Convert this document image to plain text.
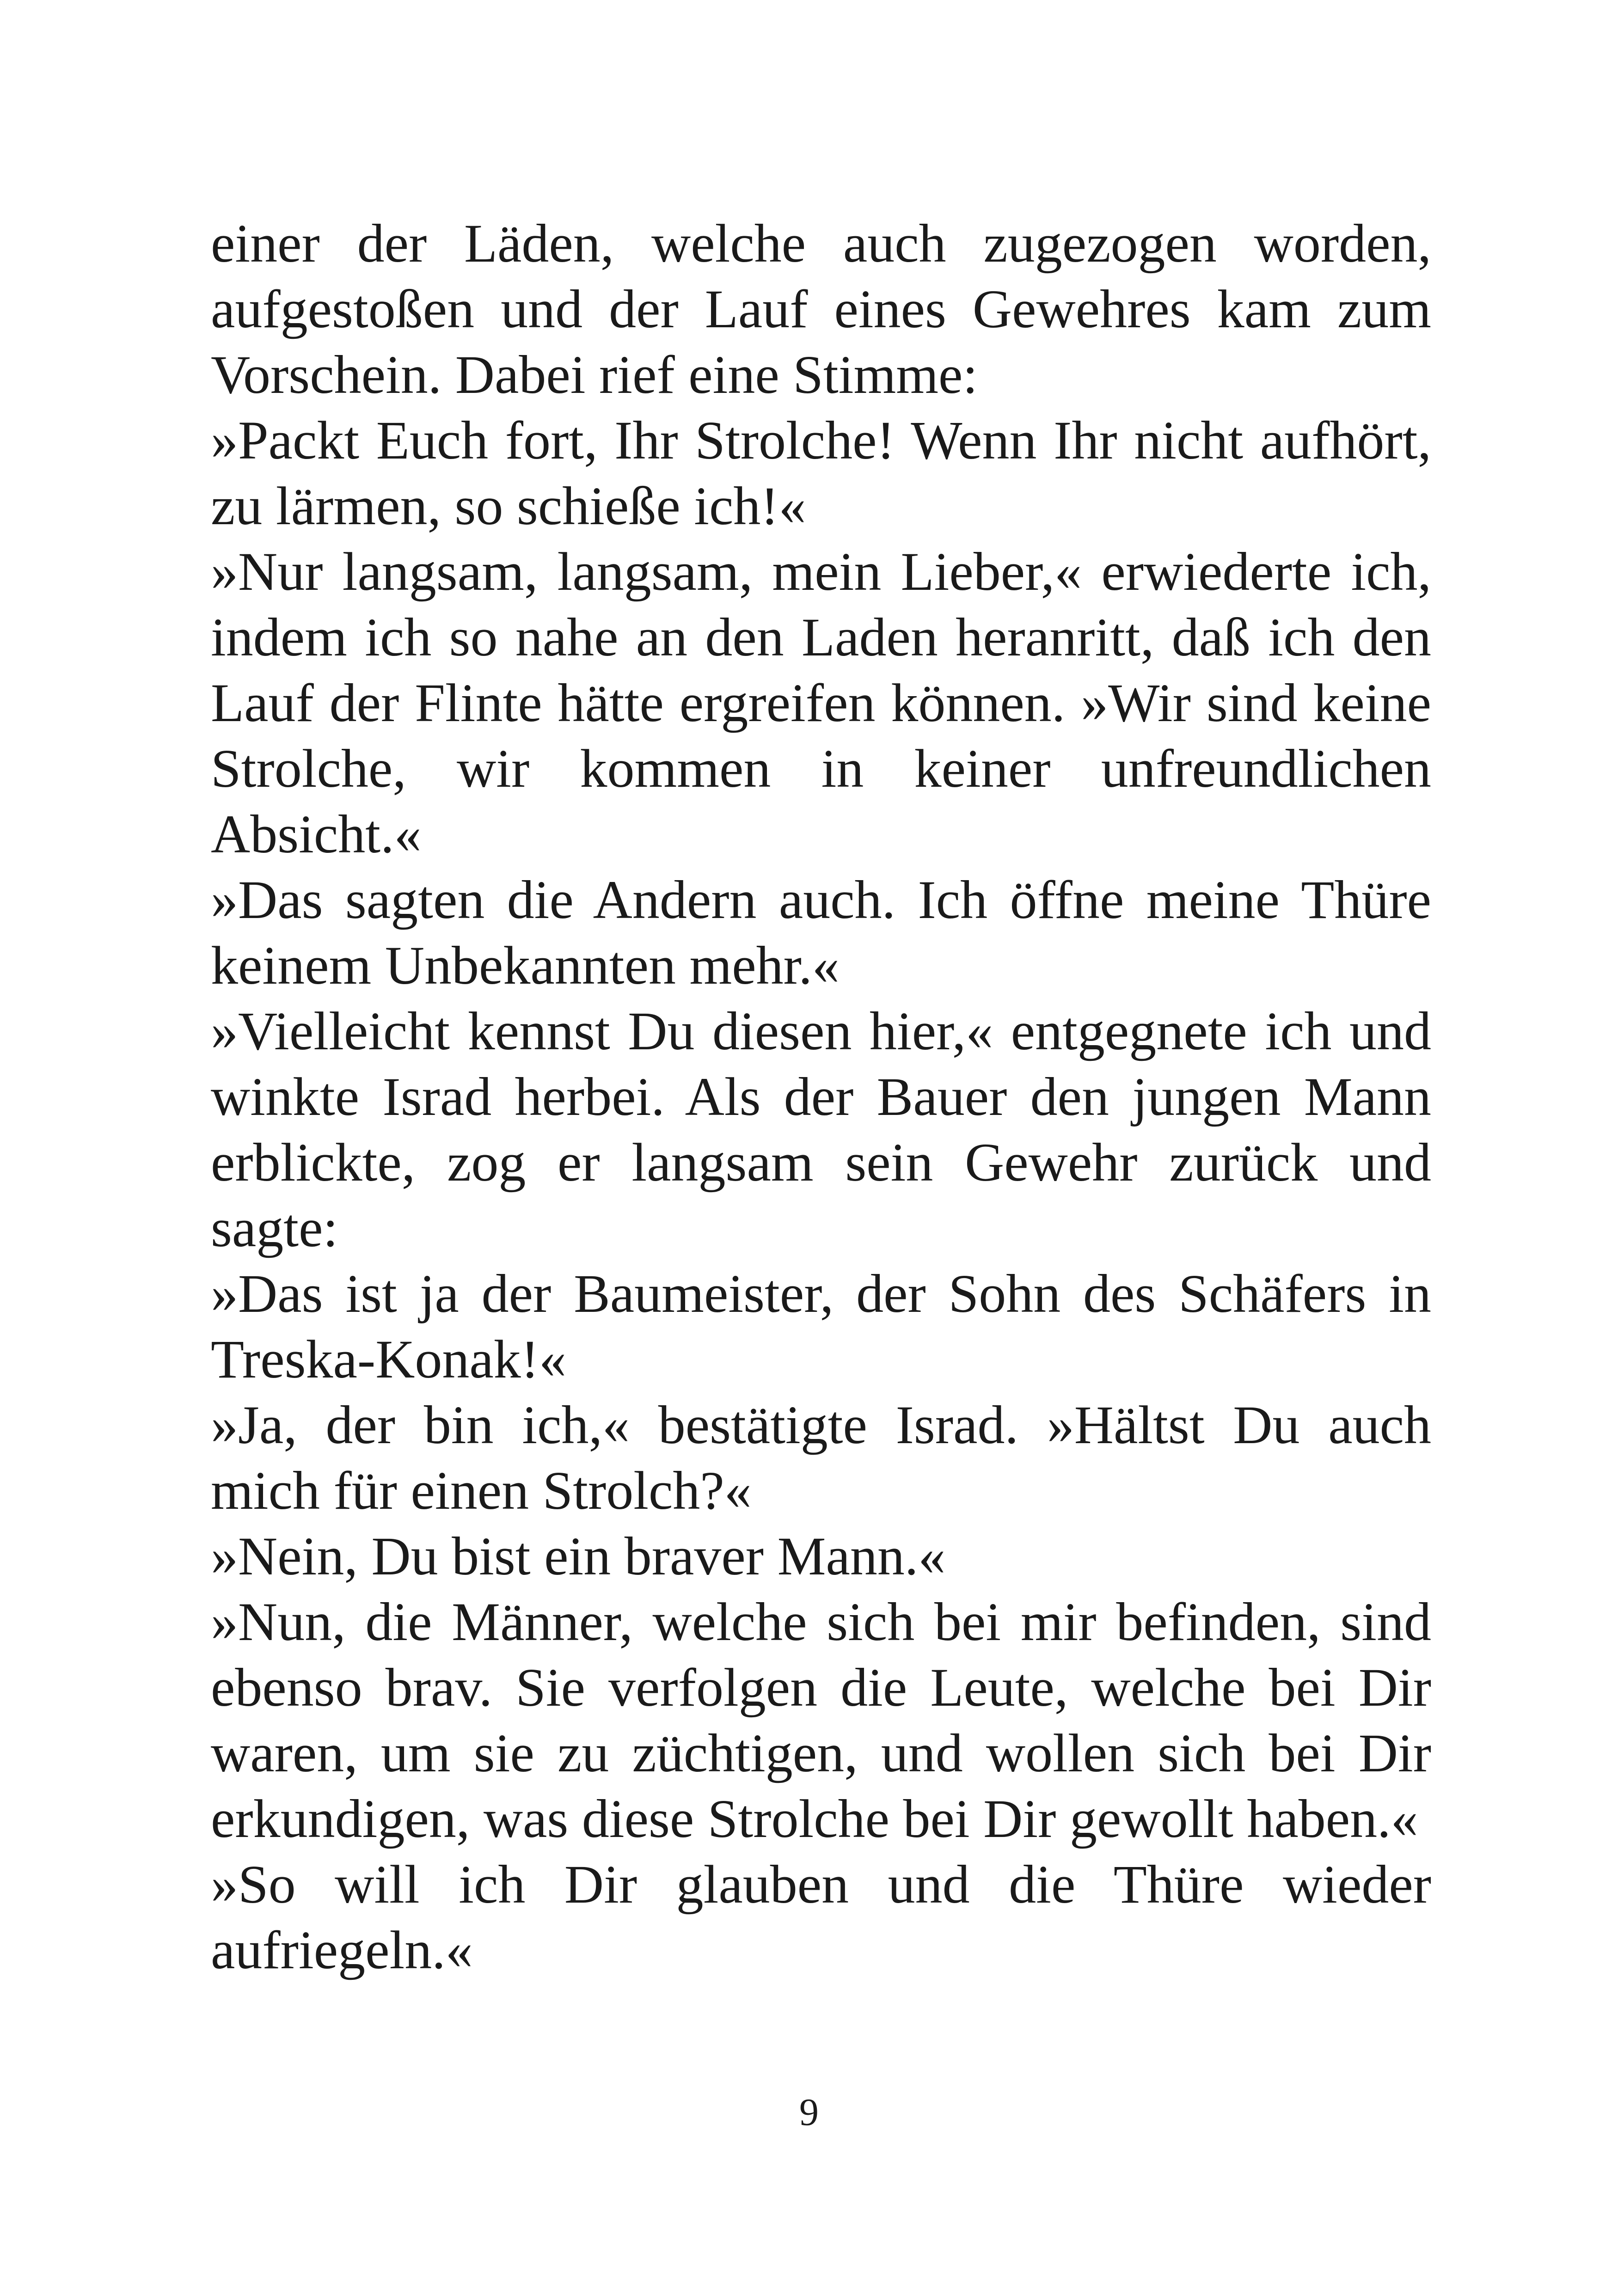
einer der Läden, welche auch zugezogen worden, aufgestoßen und der Lauf eines Gewehres kam zum Vorschein. Dabei rief eine Stimme:

»Packt Euch fort, Ihr Strolche! Wenn Ihr nicht aufhört, zu lärmen, so schieße ich!«

»Nur langsam, langsam, mein Lieber,« erwiederte ich, indem ich so nahe an den Laden heranritt, daß ich den Lauf der Flinte hätte ergreifen können. »Wir sind keine Strolche, wir kommen in keiner unfreundlichen Absicht.«

»Das sagten die Andern auch. Ich öffne meine Thüre keinem Unbekannten mehr.«

»Vielleicht kennst Du diesen hier,« entgegnete ich und winkte Israd herbei. Als der Bauer den jungen Mann erblickte, zog er langsam sein Gewehr zurück und sagte:

»Das ist ja der Baumeister, der Sohn des Schäfers in Treska-Konak!«

»Ja, der bin ich,« bestätigte Israd. »Hältst Du auch mich für einen Strolch?«

»Nein, Du bist ein braver Mann.«

»Nun, die Männer, welche sich bei mir befinden, sind ebenso brav. Sie verfolgen die Leute, welche bei Dir waren, um sie zu züchtigen, und wollen sich bei Dir erkundigen, was diese Strolche bei Dir gewollt haben.«

»So will ich Dir glauben und die Thüre wieder aufriegeln.«

9
